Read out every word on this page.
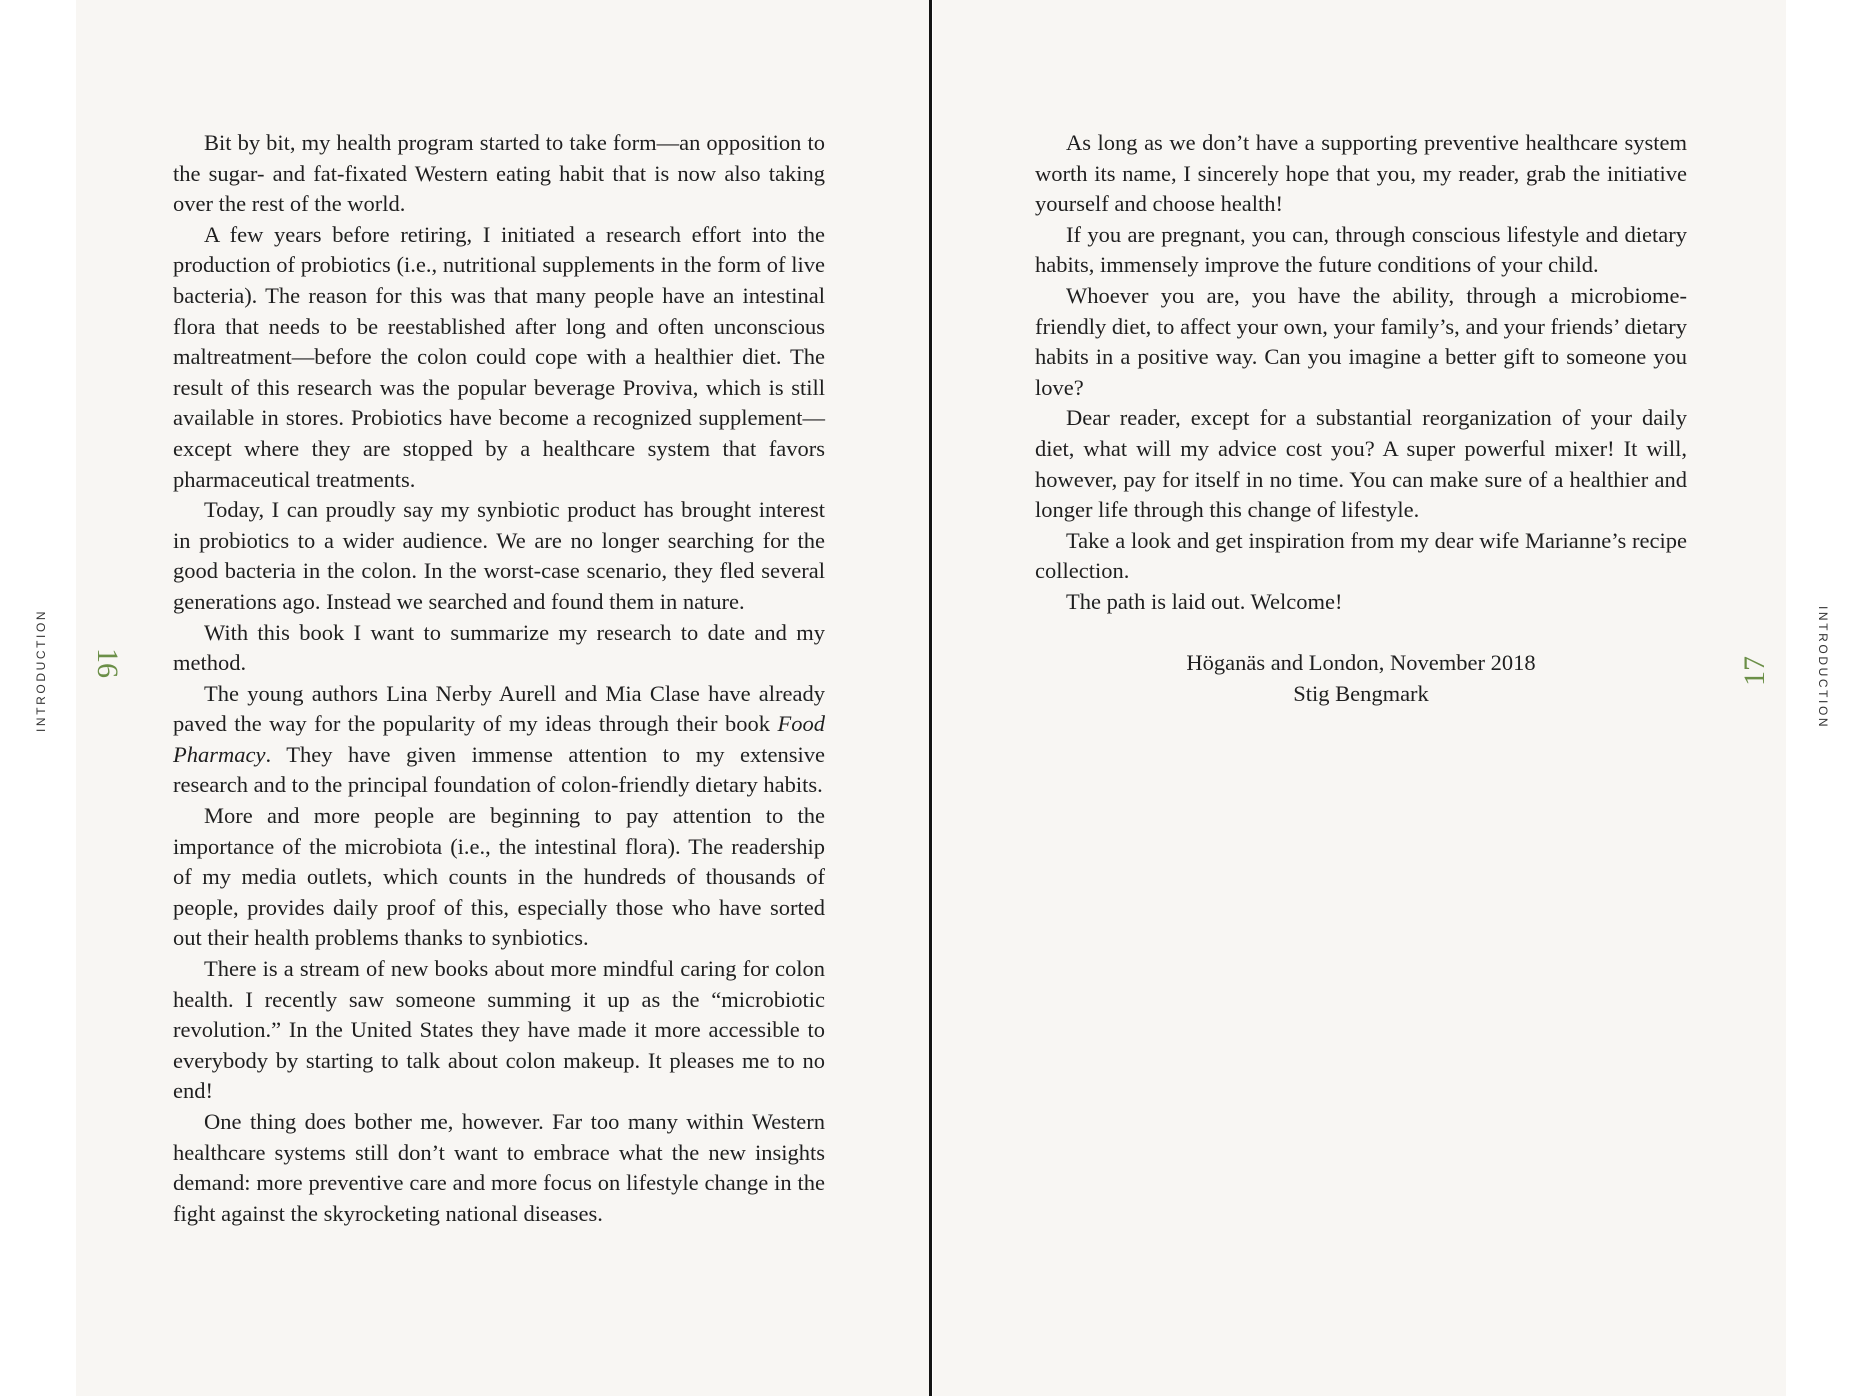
Bit by bit, my health program started to take form—an opposition to the sugar- and fat-fixated Western eating habit that is now also taking over the rest of the world.

A few years before retiring, I initiated a research effort into the production of probiotics (i.e., nutritional supplements in the form of live bacteria). The reason for this was that many people have an intestinal flora that needs to be reestablished after long and often unconscious maltreatment—before the colon could cope with a healthier diet. The result of this research was the popular beverage Proviva, which is still available in stores. Probiotics have become a recognized supplement—except where they are stopped by a healthcare system that favors pharmaceutical treatments.

Today, I can proudly say my synbiotic product has brought interest in probiotics to a wider audience. We are no longer searching for the good bacteria in the colon. In the worst-case scenario, they fled several generations ago. Instead we searched and found them in nature.

With this book I want to summarize my research to date and my method.

The young authors Lina Nerby Aurell and Mia Clase have already paved the way for the popularity of my ideas through their book Food Pharmacy. They have given immense attention to my extensive research and to the principal foundation of colon-friendly dietary habits.

More and more people are beginning to pay attention to the importance of the microbiota (i.e., the intestinal flora). The readership of my media outlets, which counts in the hundreds of thousands of people, provides daily proof of this, especially those who have sorted out their health problems thanks to synbiotics.

There is a stream of new books about more mindful caring for colon health. I recently saw someone summing it up as the “microbiotic revolution.” In the United States they have made it more accessible to everybody by starting to talk about colon makeup. It pleases me to no end!

One thing does bother me, however. Far too many within Western healthcare systems still don’t want to embrace what the new insights demand: more preventive care and more focus on lifestyle change in the fight against the skyrocketing national diseases.

As long as we don’t have a supporting preventive healthcare system worth its name, I sincerely hope that you, my reader, grab the initiative yourself and choose health!

If you are pregnant, you can, through conscious lifestyle and dietary habits, immensely improve the future conditions of your child.

Whoever you are, you have the ability, through a microbiome-friendly diet, to affect your own, your family’s, and your friends’ dietary habits in a positive way. Can you imagine a better gift to someone you love?

Dear reader, except for a substantial reorganization of your daily diet, what will my advice cost you? A super powerful mixer! It will, however, pay for itself in no time. You can make sure of a healthier and longer life through this change of lifestyle.

Take a look and get inspiration from my dear wife Marianne’s recipe collection.

The path is laid out. Welcome!

Höganäs and London, November 2018
Stig Bengmark
INTRODUCTION 16	17	INTRODUCTION
